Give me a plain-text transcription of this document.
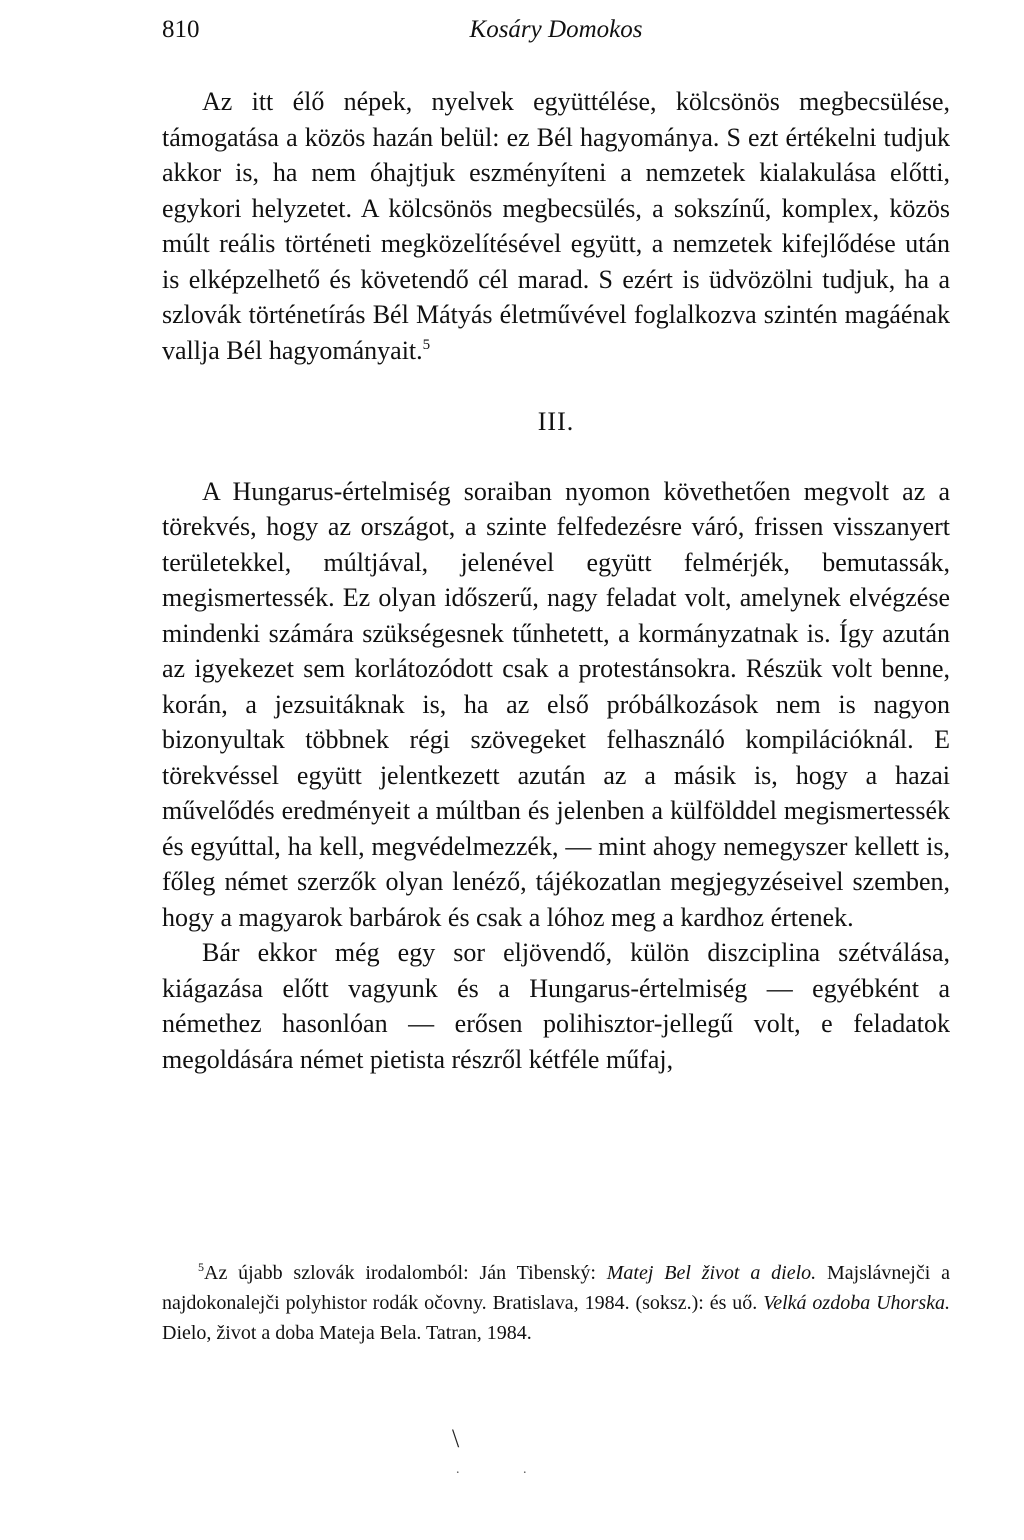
810	Kosáry Domokos

Az itt élő népek, nyelvek együttélése, kölcsönös megbecsülése, támogatása a közös hazán belül: ez Bél hagyománya. S ezt értékelni tudjuk akkor is, ha nem óhajtjuk eszményíteni a nemzetek kialakulása előtti, egykori helyzetet. A kölcsönös megbecsülés, a sokszínű, komplex, közös múlt reális történeti megközelítésével együtt, a nemzetek kifejlődése után is elképzelhető és követendő cél marad. S ezért is üdvözölni tudjuk, ha a szlovák történetírás Bél Mátyás életművével foglalkozva szintén magáénak vallja Bél hagyományait.$^5$

III.

A Hungarus-értelmiség soraiban nyomon követhetően megvolt az a törekvés, hogy az országot, a szinte felfedezésre váró, frissen visszanyert területekkel, múltjával, jelenével együtt felmérjék, bemutassák, megismertessék. Ez olyan időszerű, nagy feladat volt, amelynek elvégzése mindenki számára szükségesnek tűnhetett, a kormányzatnak is. Így azután az igyekezet sem korlátozódott csak a protestánsokra. Részük volt benne, korán, a jezsuitáknak is, ha az első próbálkozások nem is nagyon bizonyultak többnek régi szövegeket felhasználó kompilációknál. E törekvéssel együtt jelentkezett azután az a másik is, hogy a hazai művelődés eredményeit a múltban és jelenben a külfölddel megismertessék és egyúttal, ha kell, megvédelmezzék, — mint ahogy nemegyszer kellett is, főleg német szerzők olyan lenéző, tájékozatlan megjegyzéseivel szemben, hogy a magyarok barbárok és csak a lóhoz meg a kardhoz értenek.

Bár ekkor még egy sor eljövendő, külön diszciplina szétválása, kiágazása előtt vagyunk és a Hungarus-értelmiség — egyébként a némethez hasonlóan — erősen polihisztor-jellegű volt, e feladatok megoldására német pietista részről kétféle műfaj,

$^5$Az újabb szlovák irodalomból: Ján Tibenský: Matej Bel život a dielo. Majslávnejči a najdokonalejči polyhistor rodák očovny. Bratislava, 1984. (soksz.): és uő. Velká ozdoba Uhorska. Dielo, život a doba Mateja Bela. Tatran, 1984.
\
. .
